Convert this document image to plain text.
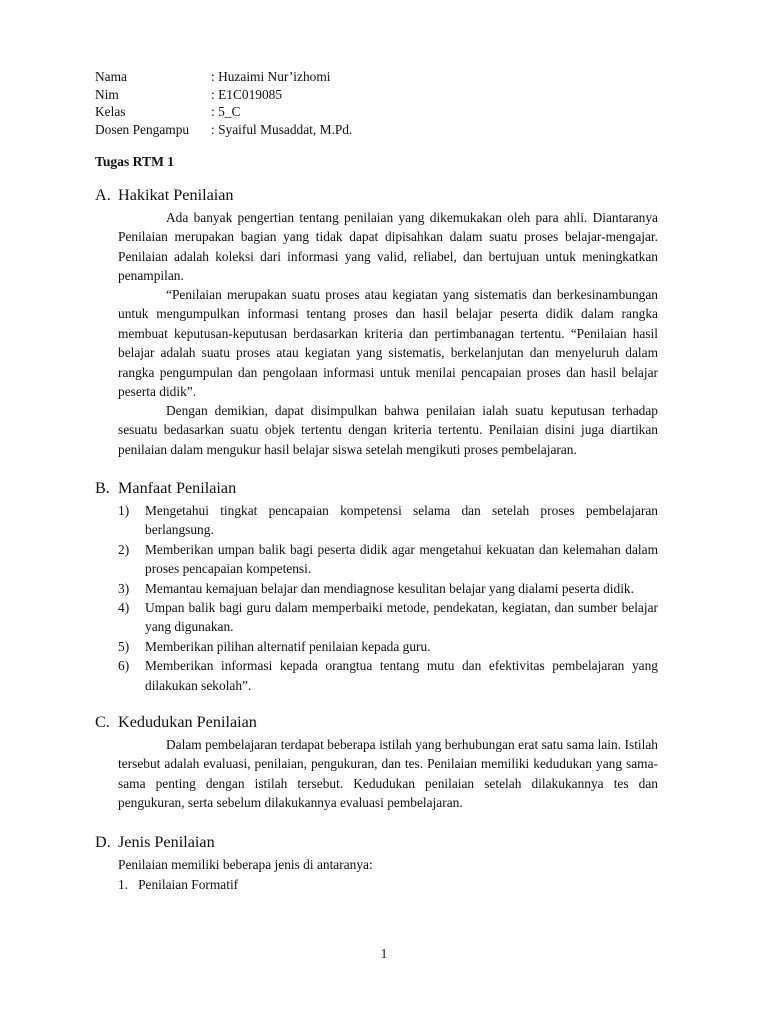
Nama	: Huzaimi Nur’izhomi
Nim	: E1C019085
Kelas	: 5_C
Dosen Pengampu	: Syaiful Musaddat, M.Pd.
Tugas RTM 1
A. Hakikat Penilaian
Ada banyak pengertian tentang penilaian yang dikemukakan oleh para ahli. Diantaranya Penilaian merupakan bagian yang tidak dapat dipisahkan dalam suatu proses belajar-mengajar. Penilaian adalah koleksi dari informasi yang valid, reliabel, dan bertujuan untuk meningkatkan penampilan.
“Penilaian merupakan suatu proses atau kegiatan yang sistematis dan berkesinambungan untuk mengumpulkan informasi tentang proses dan hasil belajar peserta didik dalam rangka membuat keputusan-keputusan berdasarkan kriteria dan pertimbanagan tertentu. “Penilaian hasil belajar adalah suatu proses atau kegiatan yang sistematis, berkelanjutan dan menyeluruh dalam rangka pengumpulan dan pengolaan informasi untuk menilai pencapaian proses dan hasil belajar peserta didik”.
Dengan demikian, dapat disimpulkan bahwa penilaian ialah suatu keputusan terhadap sesuatu bedasarkan suatu objek tertentu dengan kriteria tertentu. Penilaian disini juga diartikan penilaian dalam mengukur hasil belajar siswa setelah mengikuti proses pembelajaran.
B. Manfaat Penilaian
1)	Mengetahui tingkat pencapaian kompetensi selama dan setelah proses pembelajaran berlangsung.
2)	Memberikan umpan balik bagi peserta didik agar mengetahui kekuatan dan kelemahan dalam proses pencapaian kompetensi.
3)	Memantau kemajuan belajar dan mendiagnose kesulitan belajar yang dialami peserta didik.
4)	Umpan balik bagi guru dalam memperbaiki metode, pendekatan, kegiatan, dan sumber belajar yang digunakan.
5)	Memberikan pilihan alternatif penilaian kepada guru.
6)	Memberikan informasi kepada orangtua tentang mutu dan efektivitas pembelajaran yang dilakukan sekolah”.
C. Kedudukan Penilaian
Dalam pembelajaran terdapat beberapa istilah yang berhubungan erat satu sama lain. Istilah tersebut adalah evaluasi, penilaian, pengukuran, dan tes. Penilaian memiliki kedudukan yang sama-sama penting dengan istilah tersebut. Kedudukan penilaian setelah dilakukannya tes dan pengukuran, serta sebelum dilakukannya evaluasi pembelajaran.
D. Jenis Penilaian
Penilaian memiliki beberapa jenis di antaranya:
1.   Penilaian Formatif
1
